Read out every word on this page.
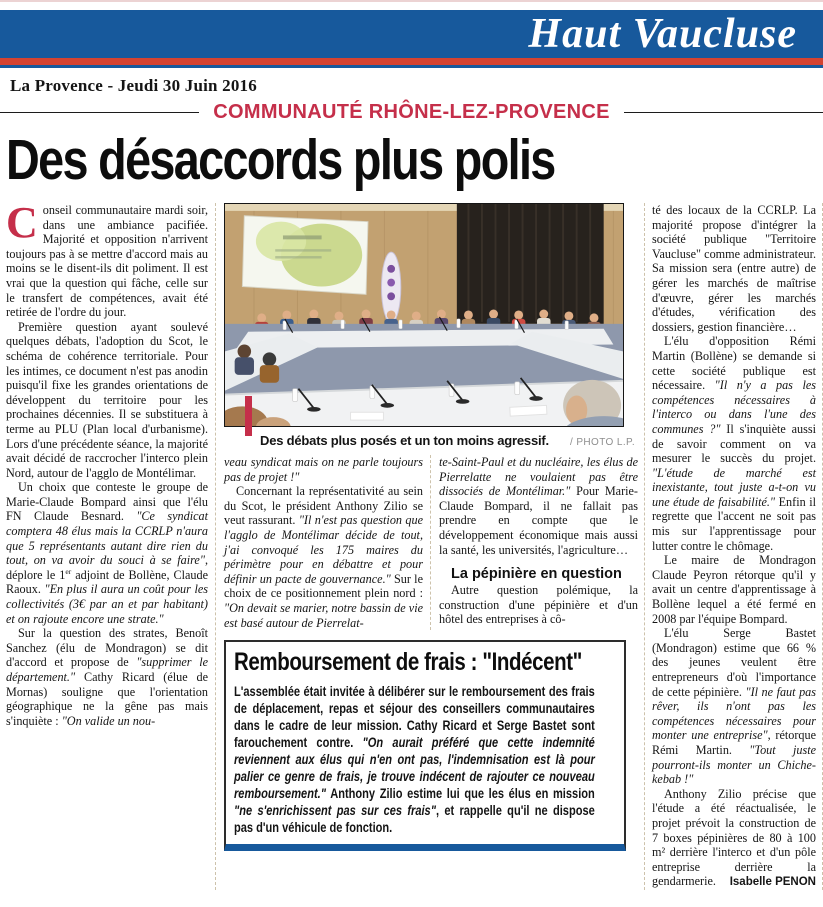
Haut Vaucluse
La Provence - Jeudi 30 Juin 2016
COMMUNAUTÉ RHÔNE-LEZ-PROVENCE
Des désaccords plus polis

Conseil communautaire mardi soir, dans une ambiance pacifiée. Majorité et opposition n'arrivent toujours pas à se mettre d'accord mais au moins se le disent-ils dit poliment. Il est vrai que la question qui fâche, celle sur le transfert de compétences, avait été retirée de l'ordre du jour.

Première question ayant soulevé quelques débats, l'adoption du Scot, le schéma de cohérence territoriale. Pour les intimes, ce document n'est pas anodin puisqu'il fixe les grandes orientations de développent du territoire pour les prochaines décennies. Il se substituera à terme au PLU (Plan local d'urbanisme). Lors d'une précédente séance, la majorité avait décidé de raccrocher l'interco plein Nord, autour de l'agglo de Montélimar.

Un choix que conteste le groupe de Marie-Claude Bompard ainsi que l'élu FN Claude Besnard. "Ce syndicat comptera 48 élus mais la CCRLP n'aura que 5 représentants autant dire rien du tout, on va avoir du souci à se faire", déplore le 1er adjoint de Bollène, Claude Raoux. "En plus il aura un coût pour les collectivités (3€ par an et par habitant) et on rajoute encore une strate."

Sur la question des strates, Benoît Sanchez (élu de Mondragon) se dit d'accord et propose de "supprimer le département." Cathy Ricard (élue de Mornas) souligne que l'orientation géographique ne la gêne pas mais s'inquiète : "On valide un nou-

Des débats plus posés et un ton moins agressif. / PHOTO L.P.

veau syndicat mais on ne parle toujours pas de projet !"

Concernant la représentativité au sein du Scot, le président Anthony Zilio se veut rassurant. "Il n'est pas question que l'agglo de Montélimar décide de tout, j'ai convoqué les 175 maires du périmètre pour en débattre et pour définir un pacte de gouvernance." Sur le choix de ce positionnement plein nord : "On devait se marier, notre bassin de vie est basé autour de Pierrelat-

te-Saint-Paul et du nucléaire, les élus de Pierrelatte ne voulaient pas être dissociés de Montélimar." Pour Marie-Claude Bompard, il ne fallait pas prendre en compte que le développement économique mais aussi la santé, les universités, l'agriculture…

La pépinière en question

Autre question polémique, la construction d'une pépinière et d'un hôtel des entreprises à cô-

Remboursement de frais : "Indécent"

L'assemblée était invitée à délibérer sur le remboursement des frais de déplacement, repas et séjour des conseillers communautaires dans le cadre de leur mission. Cathy Ricard et Serge Bastet sont farouchement contre. "On aurait préféré que cette indemnité reviennent aux élus qui n'en ont pas, l'indemnisation est là pour palier ce genre de frais, je trouve indécent de rajouter ce nouveau remboursement." Anthony Zilio estime lui que les élus en mission "ne s'enrichissent pas sur ces frais", et rappelle qu'il ne dispose pas d'un véhicule de fonction.

té des locaux de la CCRLP. La majorité propose d'intégrer la société publique "Territoire Vaucluse" comme administrateur. Sa mission sera (entre autre) de gérer les marchés de maîtrise d'œuvre, gérer les marchés d'études, vérification des dossiers, gestion financière…

L'élu d'opposition Rémi Martin (Bollène) se demande si cette société publique est nécessaire. "Il n'y a pas les compétences nécessaires à l'interco ou dans l'une des communes ?" Il s'inquiète aussi de savoir comment on va mesurer le succès du projet. "L'étude de marché est inexistante, tout juste a-t-on vu une étude de faisabilité." Enfin il regrette que l'accent ne soit pas mis sur l'apprentissage pour lutter contre le chômage.

Le maire de Mondragon Claude Peyron rétorque qu'il y avait un centre d'apprentissage à Bollène lequel a été fermé en 2008 par l'équipe Bompard.

L'élu Serge Bastet (Mondragon) estime que 66 % des jeunes veulent être entrepreneurs d'où l'importance de cette pépinière. "Il ne faut pas rêver, ils n'ont pas les compétences nécessaires pour monter une entreprise", rétorque Rémi Martin. "Tout juste pourront-ils monter un Chiche-kebab !"

Anthony Zilio précise que l'étude a été réactualisée, le projet prévoit la construction de 7 boxes pépinières de 80 à 100 m² derrière l'interco et d'un pôle entreprise derrière la gendarmerie.	Isabelle PENON
